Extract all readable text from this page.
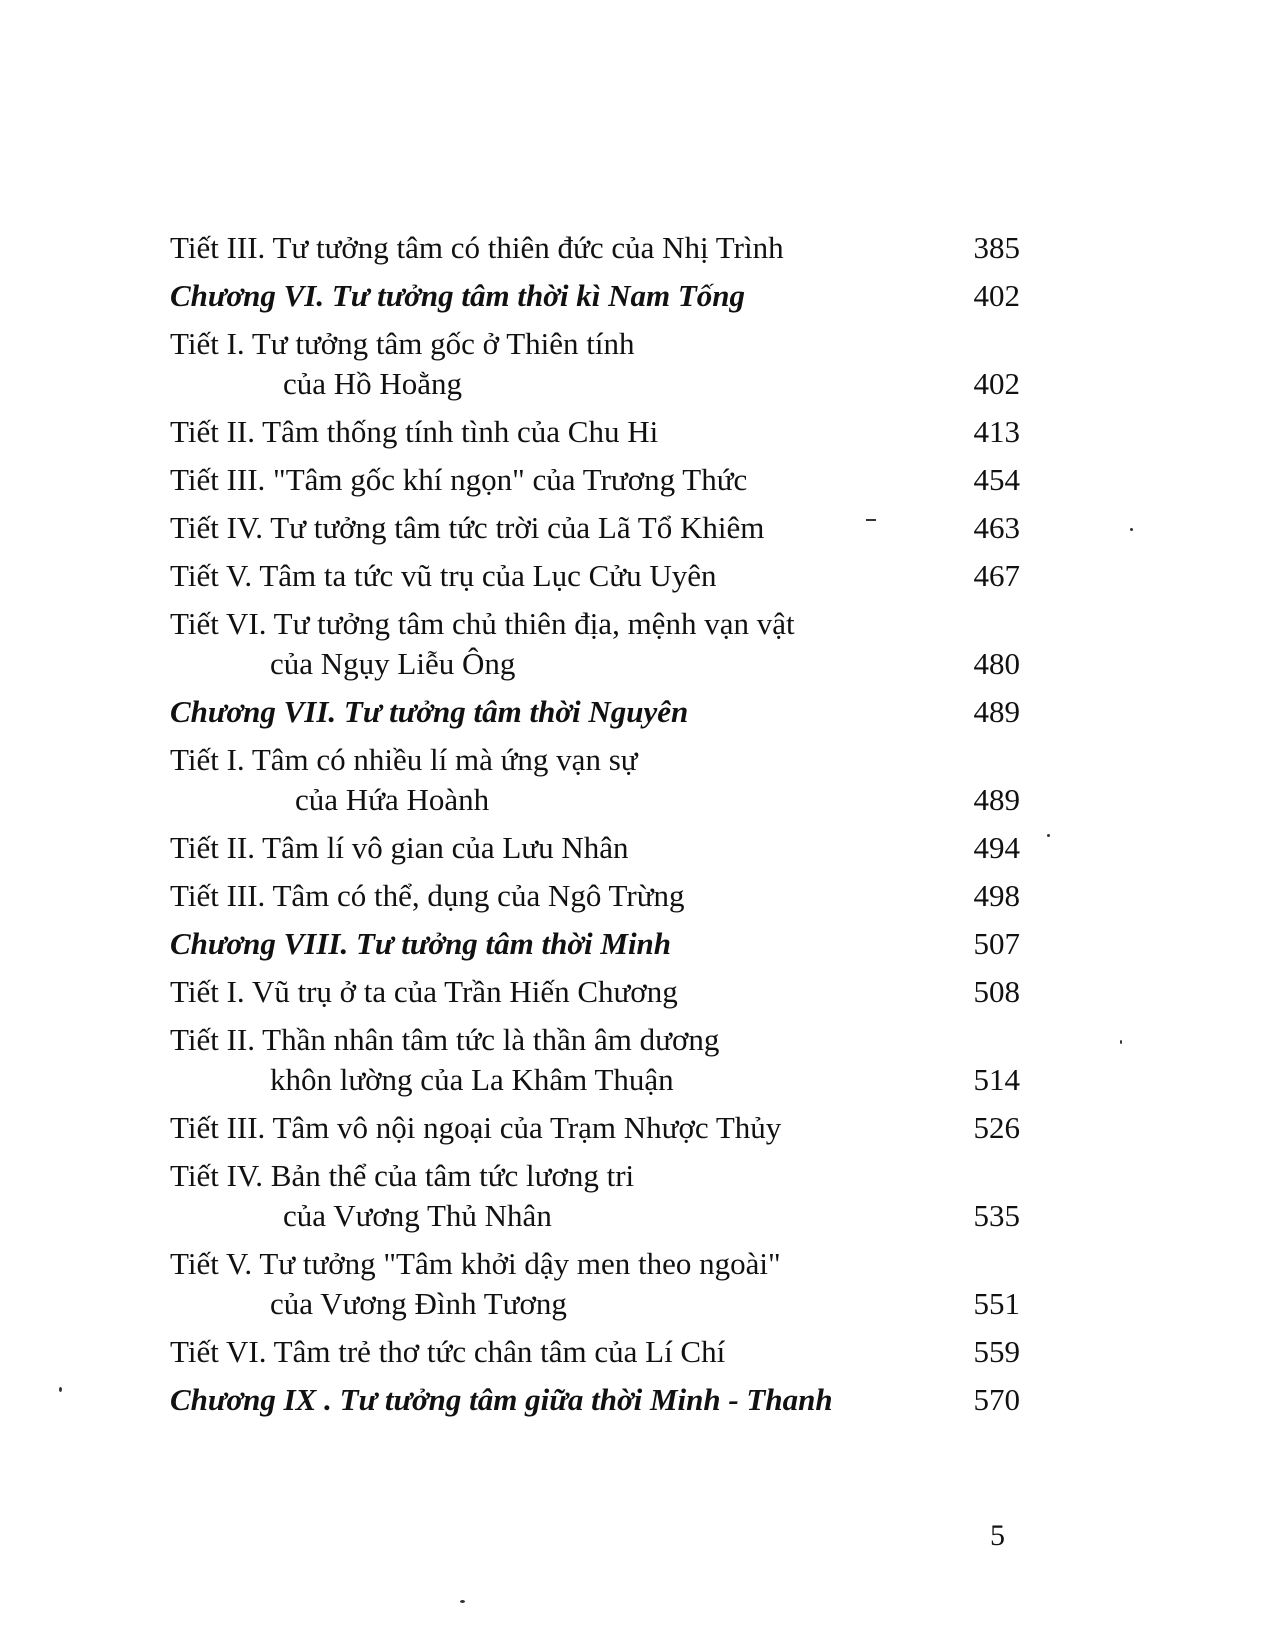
Tiết III. Tư tưởng tâm có thiên đức của Nhị Trình	385
Chương VI. Tư tưởng tâm thời kì Nam Tống	402
Tiết I. Tư tưởng tâm gốc ở Thiên tính
của Hồ Hoằng	402
Tiết II. Tâm thống tính tình của Chu Hi	413
Tiết III. "Tâm gốc khí ngọn" của Trương Thức	454
Tiết IV. Tư tưởng tâm tức trời của Lã Tổ Khiêm	463
Tiết V. Tâm ta tức vũ trụ của Lục Cửu Uyên	467
Tiết VI. Tư tưởng tâm chủ thiên địa, mệnh vạn vật
của Ngụy Liễu Ông	480
Chương VII. Tư tưởng tâm thời Nguyên	489
Tiết I. Tâm có nhiều lí mà ứng vạn sự
của Hứa Hoành	489
Tiết II. Tâm lí vô gian của Lưu Nhân	494
Tiết III. Tâm có thể, dụng của Ngô Trừng	498
Chương VIII. Tư tưởng tâm thời Minh	507
Tiết I. Vũ trụ ở ta của Trần Hiến Chương	508
Tiết II. Thần nhân tâm tức là thần âm dương
khôn lường của La Khâm Thuận	514
Tiết III. Tâm vô nội ngoại của Trạm Nhược Thủy	526
Tiết IV. Bản thể của tâm tức lương tri
của Vương Thủ Nhân	535
Tiết V. Tư tưởng "Tâm khởi dậy men theo ngoài"
của Vương Đình Tương	551
Tiết VI. Tâm trẻ thơ tức chân tâm của Lí Chí	559
Chương IX . Tư tưởng tâm giữa thời Minh - Thanh	570
5
